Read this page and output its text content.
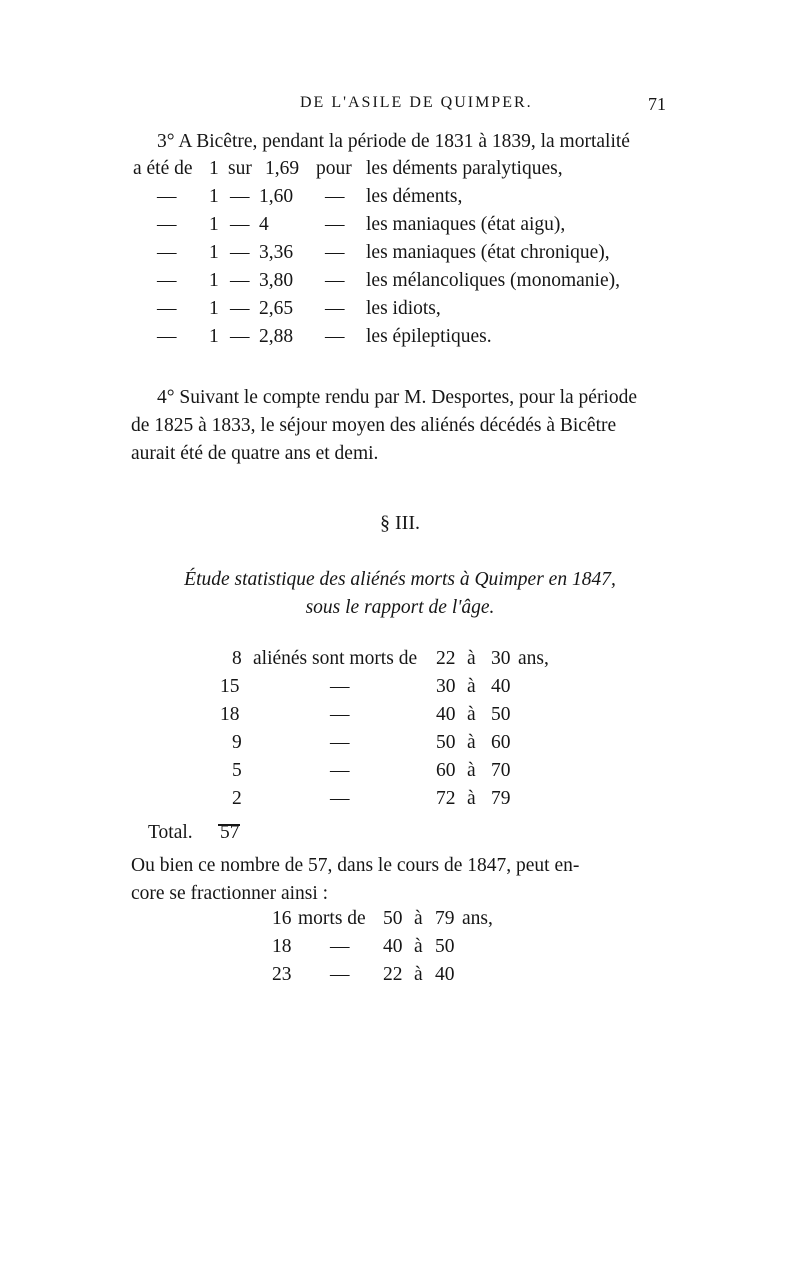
DE L'ASILE DE QUIMPER.	71
3° A Bicêtre, pendant la période de 1831 à 1839, la mortalité
a été de 1 sur 1,69 pour les déments paralytiques,
— 1 — 1,60 — les déments,
— 1 — 4	— les maniaques (état aigu),
— 1 — 3,36 — les maniaques (état chronique),
— 1 — 3,80 — les mélancoliques (monomanie),
— 1 — 2,65 — les idiots,
— 1 — 2,88 — les épileptiques.
4° Suivant le compte rendu par M. Desportes, pour la période
de 1825 à 1833, le séjour moyen des aliénés décédés à Bicêtre
aurait été de quatre ans et demi.
§ III.
Étude statistique des aliénés morts à Quimper en 1847,
sous le rapport de l'âge.
8 aliénés sont morts de 22 à 30 ans,
15	—	30 à 40
18	—	40 à 50
9	—	50 à 60
5	—	60 à 70
2	—	72 à 79
Total. 57
Ou bien ce nombre de 57, dans le cours de 1847, peut en-
core se fractionner ainsi :
16 morts de 50 à 79 ans,
18 — 40 à 50
23 — 22 à 40
